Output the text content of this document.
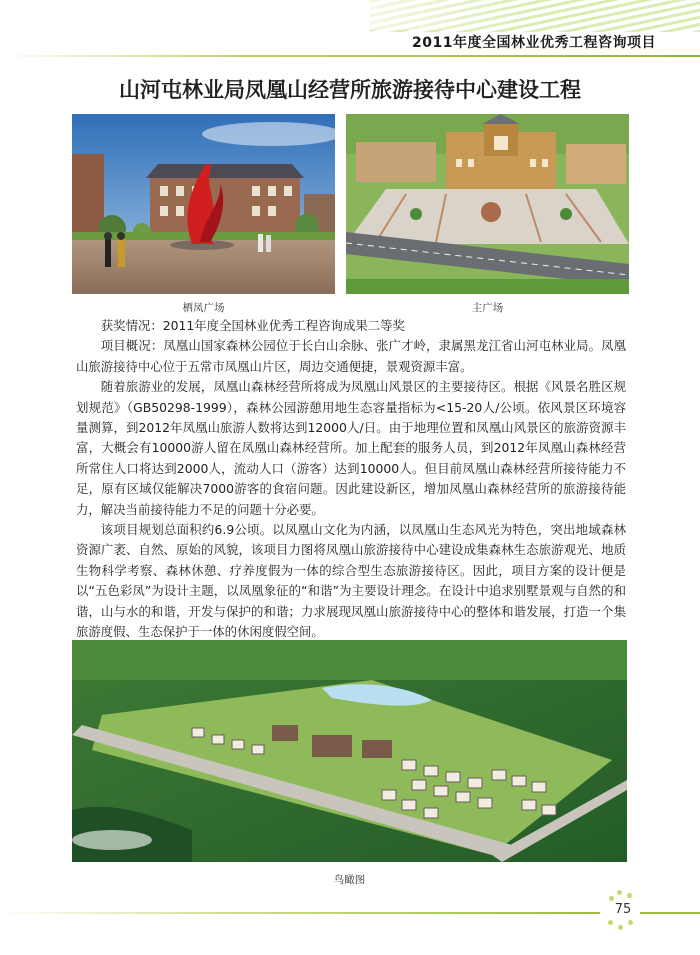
2011年度全国林业优秀工程咨询项目
山河屯林业局凤凰山经营所旅游接待中心建设工程
栖凤广场	主广场

获奖情况：2011年度全国林业优秀工程咨询成果二等奖

项目概况：凤凰山国家森林公园位于长白山余脉、张广才岭，隶属黑龙江省山河屯林业局。凤凰山旅游接待中心位于五常市凤凰山片区，周边交通便捷，景观资源丰富。

随着旅游业的发展，凤凰山森林经营所将成为凤凰山风景区的主要接待区。根据《风景名胜区规划规范》（GB50298-1999），森林公园游憩用地生态容量指标为<15-20人/公顷。依风景区环境容量测算，到2012年凤凰山旅游人数将达到12000人/日。由于地理位置和凤凰山风景区的旅游资源丰富，大概会有10000游人留在凤凰山森林经营所。加上配套的服务人员，到2012年凤凰山森林经营所常住人口将达到2000人，流动人口（游客）达到10000人。但目前凤凰山森林经营所接待能力不足，原有区域仅能解决7000游客的食宿问题。因此建设新区，增加凤凰山森林经营所的旅游接待能力，解决当前接待能力不足的问题十分必要。

该项目规划总面积约6.9公顷。以凤凰山文化为内涵，以凤凰山生态风光为特色，突出地域森林资源广袤、自然、原始的风貌，该项目力图将凤凰山旅游接待中心建设成集森林生态旅游观光、地质生物科学考察、森林休憩、疗养度假为一体的综合型生态旅游接待区。因此，项目方案的设计便是以“五色彩凤”为设计主题，以凤凰象征的“和谐”为主要设计理念。在设计中追求别墅景观与自然的和谐，山与水的和谐，开发与保护的和谐；力求展现凤凰山旅游接待中心的整体和谐发展，打造一个集旅游度假、生态保护于一体的休闲度假空间。

鸟瞰图
75
